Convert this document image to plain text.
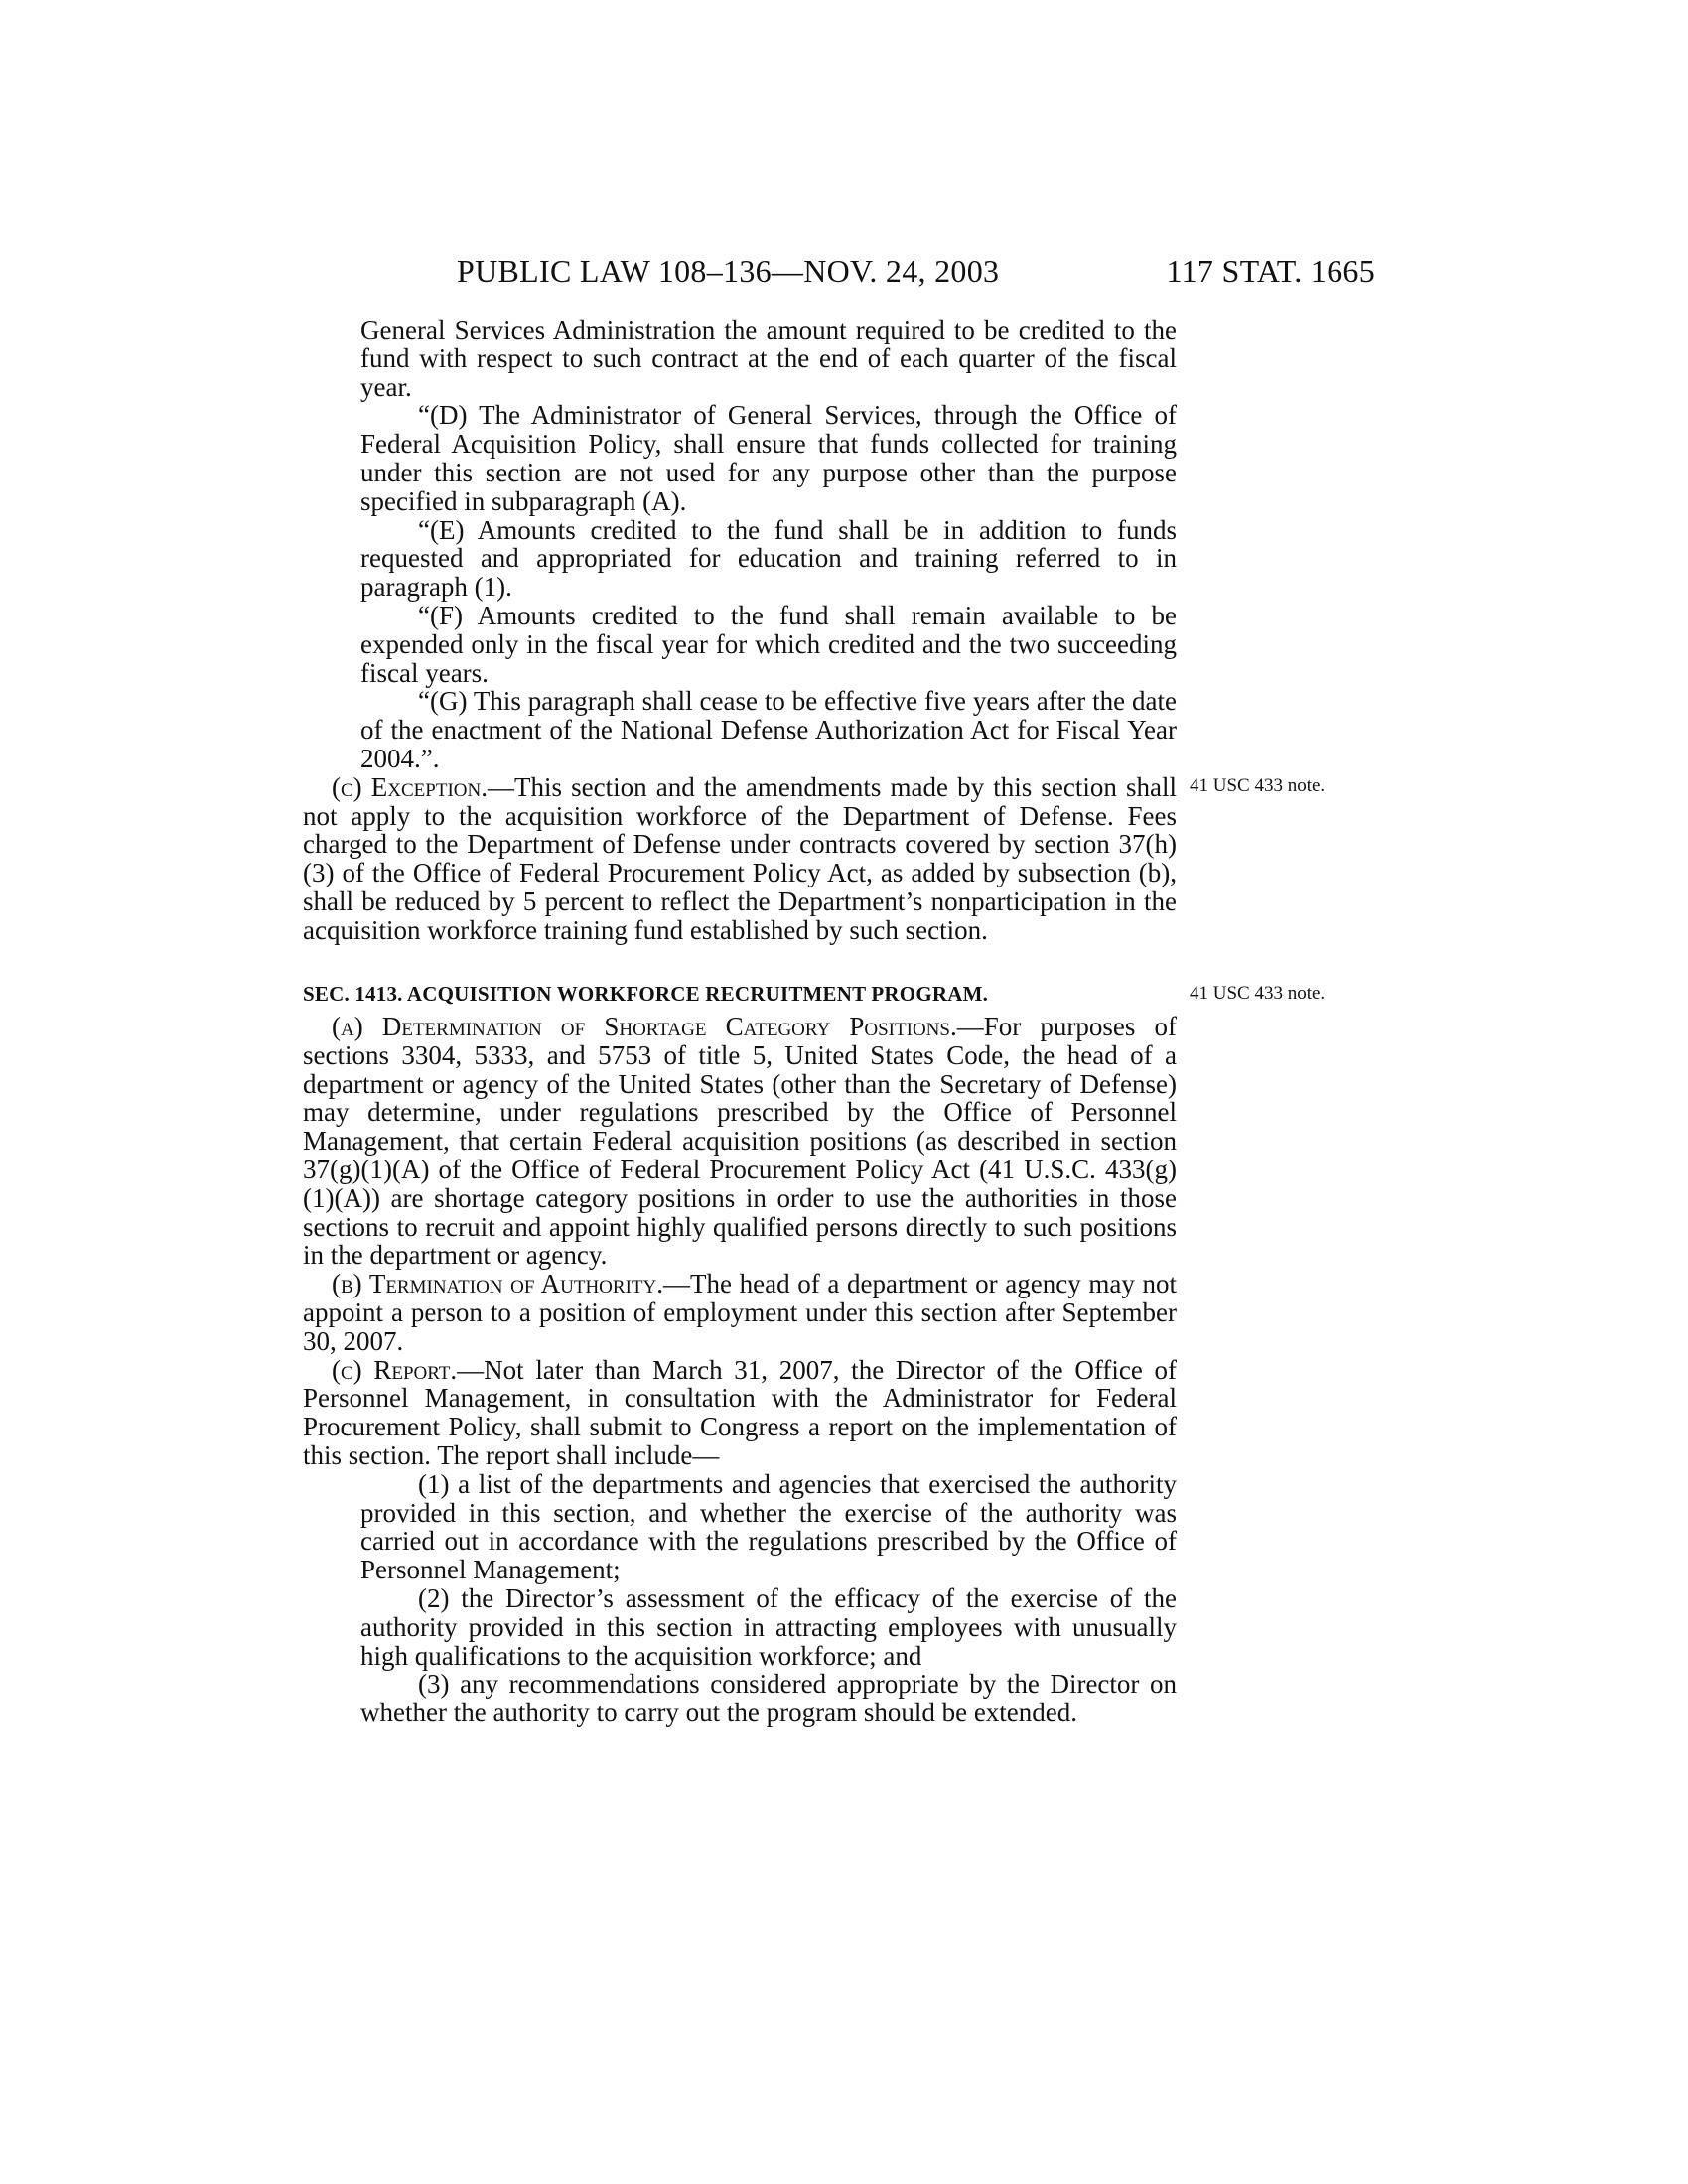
PUBLIC LAW 108–136—NOV. 24, 2003	117 STAT. 1665

General Services Administration the amount required to be credited to the fund with respect to such contract at the end of each quarter of the fiscal year.

“(D) The Administrator of General Services, through the Office of Federal Acquisition Policy, shall ensure that funds collected for training under this section are not used for any purpose other than the purpose specified in subparagraph (A).

“(E) Amounts credited to the fund shall be in addition to funds requested and appropriated for education and training referred to in paragraph (1).

“(F) Amounts credited to the fund shall remain available to be expended only in the fiscal year for which credited and the two succeeding fiscal years.

“(G) This paragraph shall cease to be effective five years after the date of the enactment of the National Defense Authorization Act for Fiscal Year 2004.”.

(c) Exception.—This section and the amendments made by this section shall not apply to the acquisition workforce of the Department of Defense. Fees charged to the Department of Defense under contracts covered by section 37(h)(3) of the Office of Federal Procurement Policy Act, as added by subsection (b), shall be reduced by 5 percent to reflect the Department’s nonparticipation in the acquisition workforce training fund established by such section.

41 USC 433 note.
SEC. 1413. ACQUISITION WORKFORCE RECRUITMENT PROGRAM.	41 USC 433 note.

(a) Determination of Shortage Category Positions.—For purposes of sections 3304, 5333, and 5753 of title 5, United States Code, the head of a department or agency of the United States (other than the Secretary of Defense) may determine, under regulations prescribed by the Office of Personnel Management, that certain Federal acquisition positions (as described in section 37(g)(1)(A) of the Office of Federal Procurement Policy Act (41 U.S.C. 433(g)(1)(A)) are shortage category positions in order to use the authorities in those sections to recruit and appoint highly qualified persons directly to such positions in the department or agency.

(b) Termination of Authority.—The head of a department or agency may not appoint a person to a position of employment under this section after September 30, 2007.

(c) Report.—Not later than March 31, 2007, the Director of the Office of Personnel Management, in consultation with the Administrator for Federal Procurement Policy, shall submit to Congress a report on the implementation of this section. The report shall include—

(1) a list of the departments and agencies that exercised the authority provided in this section, and whether the exercise of the authority was carried out in accordance with the regulations prescribed by the Office of Personnel Management;

(2) the Director’s assessment of the efficacy of the exercise of the authority provided in this section in attracting employees with unusually high qualifications to the acquisition workforce; and

(3) any recommendations considered appropriate by the Director on whether the authority to carry out the program should be extended.
